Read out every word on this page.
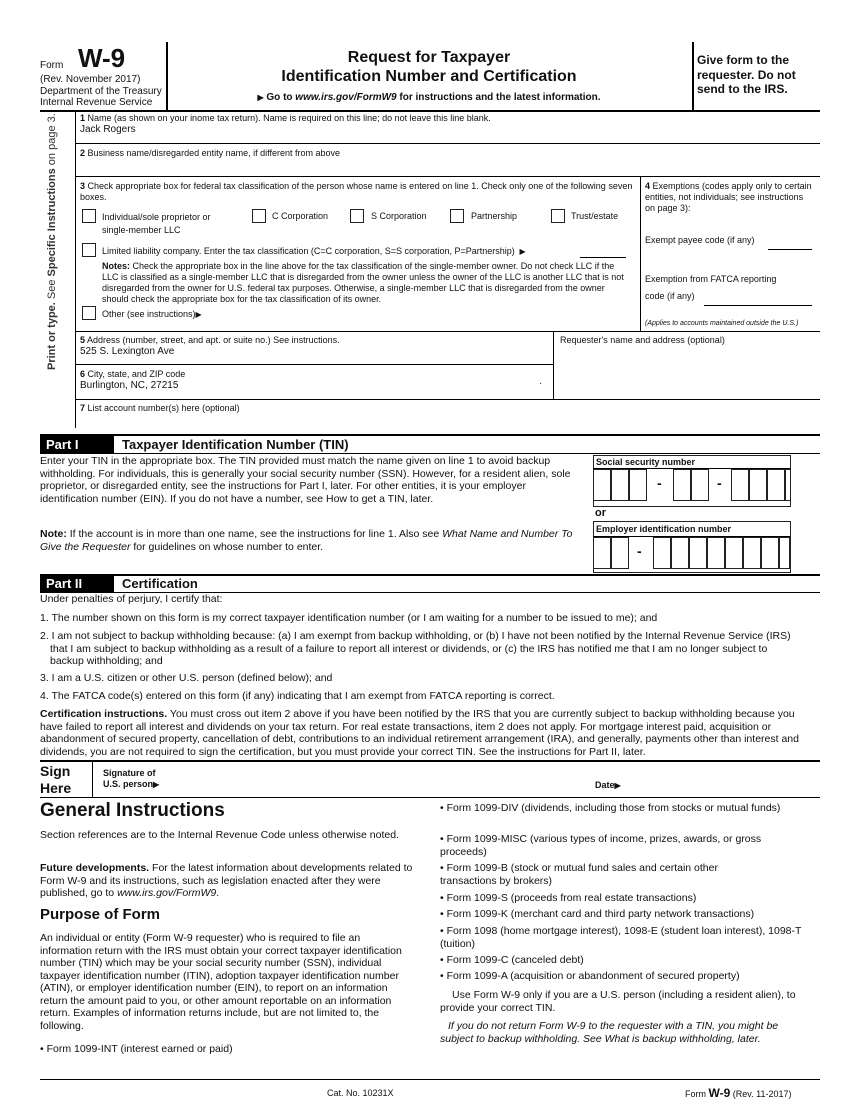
Form W-9
(Rev. November 2017)
Department of the Treasury
Internal Revenue Service
Request for Taxpayer
Identification Number and Certification
▶ Go to www.irs.gov/FormW9 for instructions and the latest information.
Give form to the requester. Do not send to the IRS.
Print or type. See Specific Instructions on page 3. 1 Name (as shown on your inome tax return). Name is required on this line; do not leave this line blank.
Jack Rogers
2 Business name/disregarded entity name, if different from above
3 Check appropriate box for federal tax classification of the person whose name is entered on line 1. Check only one of the following seven boxes.
Individual/sole proprietor or
single-member LLC
C Corporation	S Corporation	Partnership	Trust/estate
Limited liability company. Enter the tax classification (C=C corporation, S=S corporation, P=Partnership)  ▶
Notes: Check the appropriate box in the line above for the tax classification of the single-member owner. Do not check LLC if the LLC is classified as a single-member LLC that is disregarded from the owner unless the owner of the LLC is another LLC that is not disregarded from the owner for U.S. federal tax purposes. Otherwise, a single-member LLC that is disregarded from the owner should check the appropriate box for the tax classification of its owner.
Other (see instructions)▶
4 Exemptions (codes apply only to certain entities, not individuals; see instructions on page 3):
Exempt payee code (if any)
Exemption from FATCA reporting
code (if any)
(Applies to accounts maintained outside the U.S.)
5 Address (number, street, and apt. or suite no.) See instructions.
525 S. Lexington Ave
Requester's name and address (optional)
6 City, state, and ZIP code
Burlington, NC, 27215	·
7 List account number(s) here (optional)
Part I	Taxpayer Identification Number (TIN)
Enter your TIN in the appropriate box. The TIN provided must match the name given on line 1 to avoid backup withholding. For individuals, this is generally your social security number (SSN). However, for a resident alien, sole proprietor, or disregarded entity, see the instructions for Part I, later. For other entities, it is your employer identification number (EIN). If you do not have a number, see How to get a TIN, later.
Note: If the account is in more than one name, see the instructions for line 1. Also see What Name and Number To Give the Requester for guidelines on whose number to enter.
Social security number
-	-
or
Employer identification number
-
Part II	Certification
Under penalties of perjury, I certify that:
1. The number shown on this form is my correct taxpayer identification number (or I am waiting for a number to be issued to me); and
2. I am not subject to backup withholding because: (a) I am exempt from backup withholding, or (b) I have not been notified by the Internal Revenue Service (IRS) that I am subject to backup withholding as a result of a failure to report all interest or dividends, or (c) the IRS has notified me that I am no longer subject to backup withholding; and
3. I am a U.S. citizen or other U.S. person (defined below); and
4. The FATCA code(s) entered on this form (if any) indicating that I am exempt from FATCA reporting is correct.
Certification instructions. You must cross out item 2 above if you have been notified by the IRS that you are currently subject to backup withholding because you have failed to report all interest and dividends on your tax return. For real estate transactions, item 2 does not apply. For mortgage interest paid, acquisition or abandonment of secured property, cancellation of debt, contributions to an individual retirement arrangement (IRA), and generally, payments other than interest and dividends, you are not required to sign the certification, but you must provide your correct TIN. See the instructions for Part II, later.
Sign
Here
Signature of
U.S. person▶	Date▶
General Instructions
Section references are to the Internal Revenue Code unless otherwise noted.
Future developments. For the latest information about developments related to Form W-9 and its instructions, such as legislation enacted after they were published, go to www.irs.gov/FormW9.
Purpose of Form
An individual or entity (Form W-9 requester) who is required to file an information return with the IRS must obtain your correct taxpayer identification number (TIN) which may be your social security number (SSN), individual taxpayer identification number (ITIN), adoption taxpayer identification number (ATIN), or employer identification number (EIN), to report on an information return the amount paid to you, or other amount reportable on an information return. Examples of information returns include, but are not limited to, the following.
• Form 1099-INT (interest earned or paid)
• Form 1099-DIV (dividends, including those from stocks or mutual funds)
• Form 1099-MISC (various types of income, prizes, awards, or gross proceeds)
• Form 1099-B (stock or mutual fund sales and certain other transactions by brokers)
• Form 1099-S (proceeds from real estate transactions)
• Form 1099-K (merchant card and third party network transactions)
• Form 1098 (home mortgage interest), 1098-E (student loan interest), 1098-T (tuition)
• Form 1099-C (canceled debt)
• Form 1099-A (acquisition or abandonment of secured property)
Use Form W-9 only if you are a U.S. person (including a resident alien), to provide your correct TIN.
If you do not return Form W-9 to the requester with a TIN, you might be subject to backup withholding. See What is backup withholding, later.
Cat. No. 10231X	Form W-9 (Rev. 11-2017)
